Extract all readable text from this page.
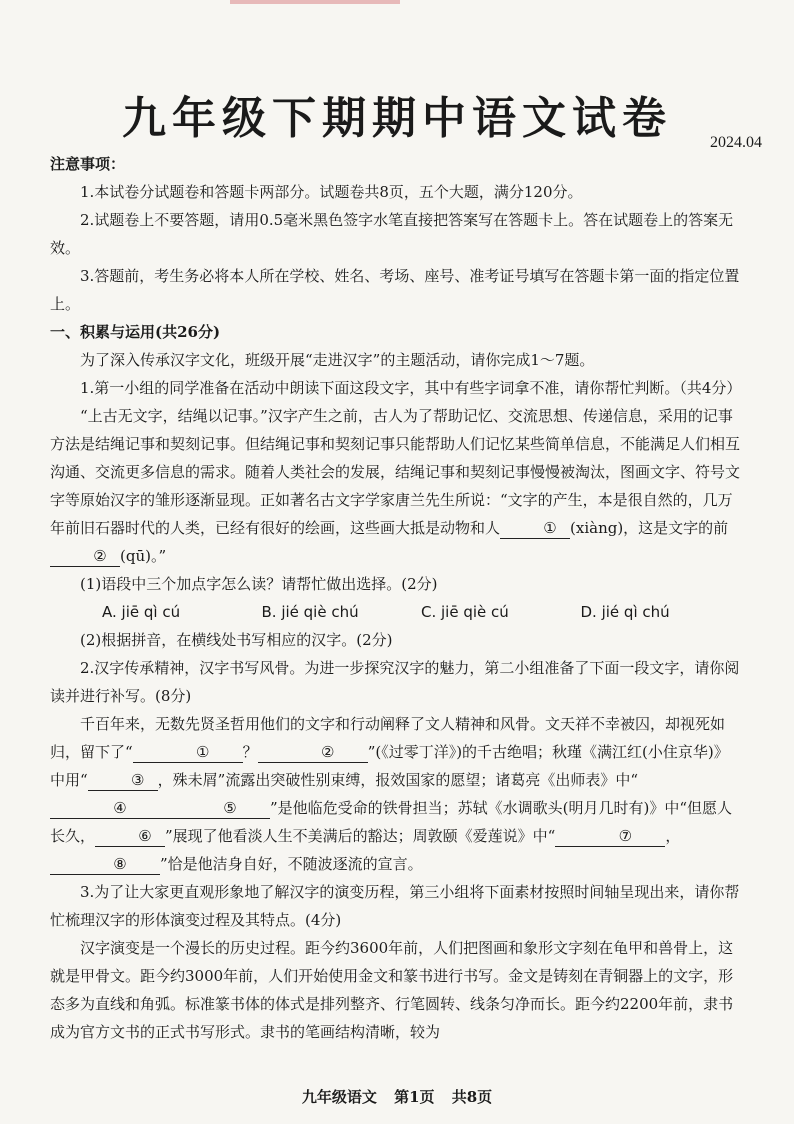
九年级下期期中语文试卷	2024.04

注意事项：

1.本试卷分试题卷和答题卡两部分。试题卷共8页，五个大题，满分120分。

2.试题卷上不要答题，请用0.5毫米黑色签字水笔直接把答案写在答题卡上。答在试题卷上的答案无效。

3.答题前，考生务必将本人所在学校、姓名、考场、座号、准考证号填写在答题卡第一面的指定位置上。

一、积累与运用(共26分)

为了深入传承汉字文化，班级开展“走进汉字”的主题活动，请你完成1～7题。

1.第一小组的同学准备在活动中朗读下面这段文字，其中有些字词拿不准，请你帮忙判断。（共4分）

“上古无文字，结绳以记事。”汉字产生之前，古人为了帮助记忆、交流思想、传递信息，采用的记事方法是结绳记事和契刻记事。但结绳记事和契刻记事只能帮助人们记忆某些简单信息，不能满足人们相互沟通、交流更多信息的需求。随着人类社会的发展，结绳记事和契刻记事慢慢被淘汰，图画文字、符号文字等原始汉字的雏形逐渐显现。正如著名古文字学家唐兰先生所说：“文字的产生，本是很自然的，几万年前旧石器时代的人类，已经有很好的绘画，这些画大抵是动物和人	① (xiàng)，这是文字的前② (qū)。”

(1)语段中三个加点字怎么读？请帮忙做出选择。(2分)

A. jiē qì cú	B. jié qiè chú	C. jiē qiè cú	D. jié qì chú

(2)根据拼音，在横线处书写相应的汉字。(2分)

2.汉字传承精神，汉字书写风骨。为进一步探究汉字的魅力，第二小组准备了下面一段文字，请你阅读并进行补写。(8分)

千百年来，无数先贤圣哲用他们的文字和行动阐释了文人精神和风骨。文天祥不幸被囚，却视死如归，留下了“	① ？	② ”(《过零丁洋》)的千古绝唱；秋瑾《满江红(小住京华)》中用“	③ ，殊未屑”流露出突破性别束缚，报效国家的愿望；诸葛亮《出师表》中“④	⑤ ”是他临危受命的铁骨担当；苏轼《水调歌头(明月几时有)》中“但愿人长久，	⑥ ”展现了他看淡人生不美满后的豁达；周敦颐《爱莲说》中“	⑦ ，⑧ ”恰是他洁身自好，不随波逐流的宣言。

3.为了让大家更直观形象地了解汉字的演变历程，第三小组将下面素材按照时间轴呈现出来，请你帮忙梳理汉字的形体演变过程及其特点。(4分)

汉字演变是一个漫长的历史过程。距今约3600年前，人们把图画和象形文字刻在龟甲和兽骨上，这就是甲骨文。距今约3000年前，人们开始使用金文和篆书进行书写。金文是铸刻在青铜器上的文字，形态多为直线和角弧。标准篆书体的体式是排列整齐、行笔圆转、线条匀净而长。距今约2200年前，隶书成为官方文书的正式书写形式。隶书的笔画结构清晰，较为

九年级语文 第1页 共8页
